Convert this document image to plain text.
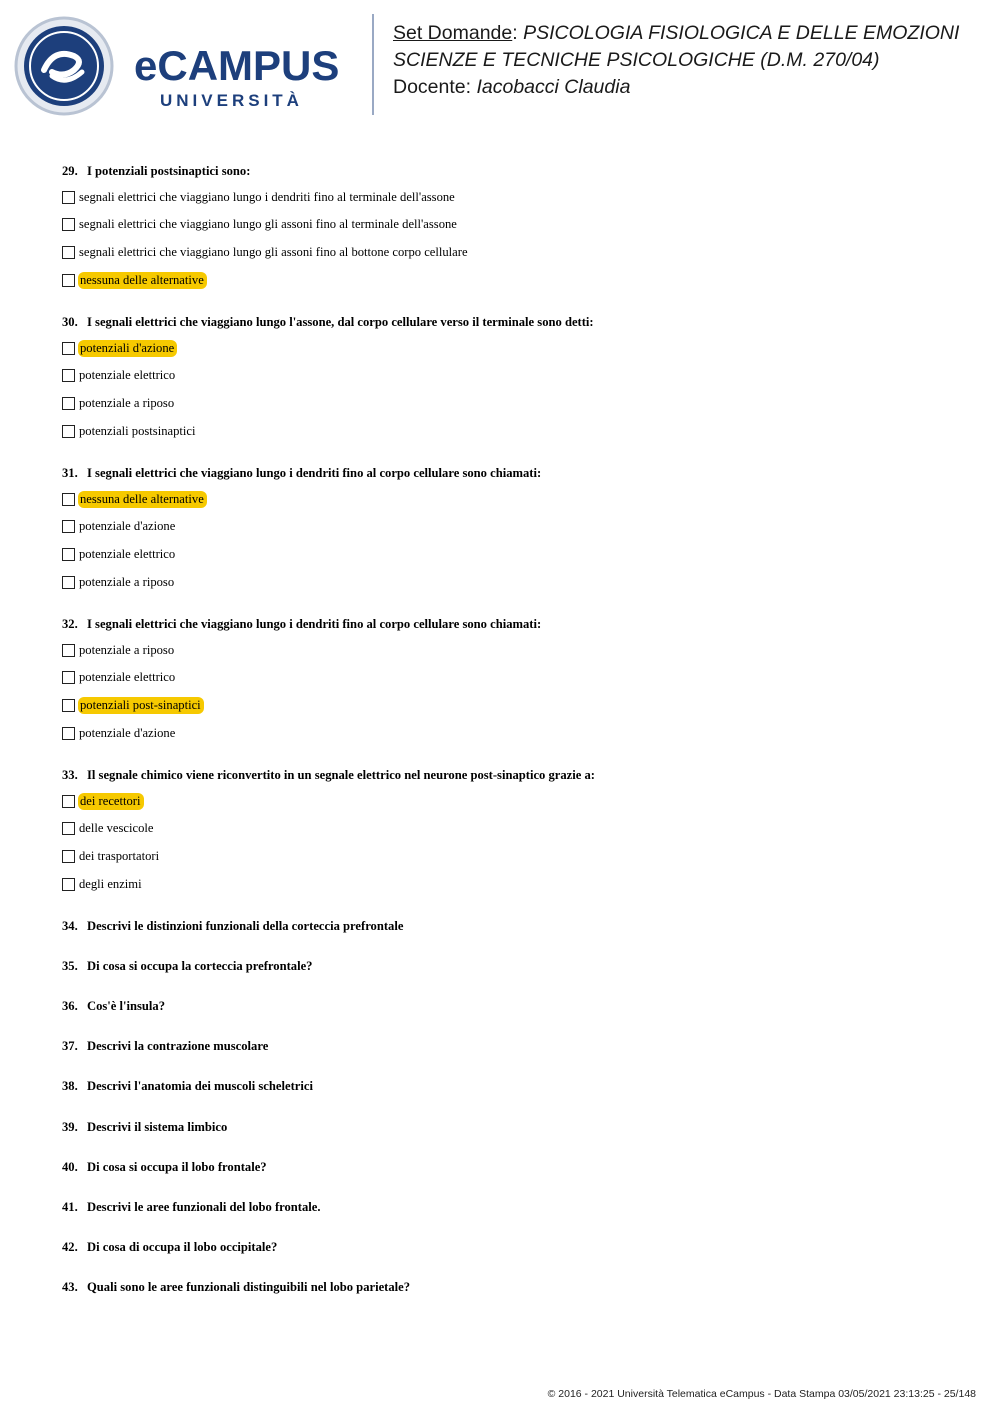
eCAMPUS
UNIVERSITÀ
Set Domande: PSICOLOGIA FISIOLOGICA E DELLE EMOZIONI
SCIENZE E TECNICHE PSICOLOGICHE (D.M. 270/04)
Docente: Iacobacci Claudia
29. I potenziali postsinaptici sono:
segnali elettrici che viaggiano lungo i dendriti fino al terminale dell'assone
segnali elettrici che viaggiano lungo gli assoni fino al terminale dell'assone
segnali elettrici che viaggiano lungo gli assoni fino al bottone corpo cellulare
nessuna delle alternative
30. I segnali elettrici che viaggiano lungo l'assone, dal corpo cellulare verso il terminale sono detti:
potenziali d'azione
potenziale elettrico
potenziale a riposo
potenziali postsinaptici
31. I segnali elettrici che viaggiano lungo i dendriti fino al corpo cellulare sono chiamati:
nessuna delle alternative
potenziale d'azione
potenziale elettrico
potenziale a riposo
32. I segnali elettrici che viaggiano lungo i dendriti fino al corpo cellulare sono chiamati:
potenziale a riposo
potenziale elettrico
potenziali post-sinaptici
potenziale d'azione
33. Il segnale chimico viene riconvertito in un segnale elettrico nel neurone post-sinaptico grazie a:
dei recettori
delle vescicole
dei trasportatori
degli enzimi
34. Descrivi le distinzioni funzionali della corteccia prefrontale
35. Di cosa si occupa la corteccia prefrontale?
36. Cos'è l'insula?
37. Descrivi la contrazione muscolare
38. Descrivi l'anatomia dei muscoli scheletrici
39. Descrivi il sistema limbico
40. Di cosa si occupa il lobo frontale?
41. Descrivi le aree funzionali del lobo frontale.
42. Di cosa di occupa il lobo occipitale?
43. Quali sono le aree funzionali distinguibili nel lobo parietale?
© 2016 - 2021 Università Telematica eCampus - Data Stampa 03/05/2021 23:13:25 - 25/148
